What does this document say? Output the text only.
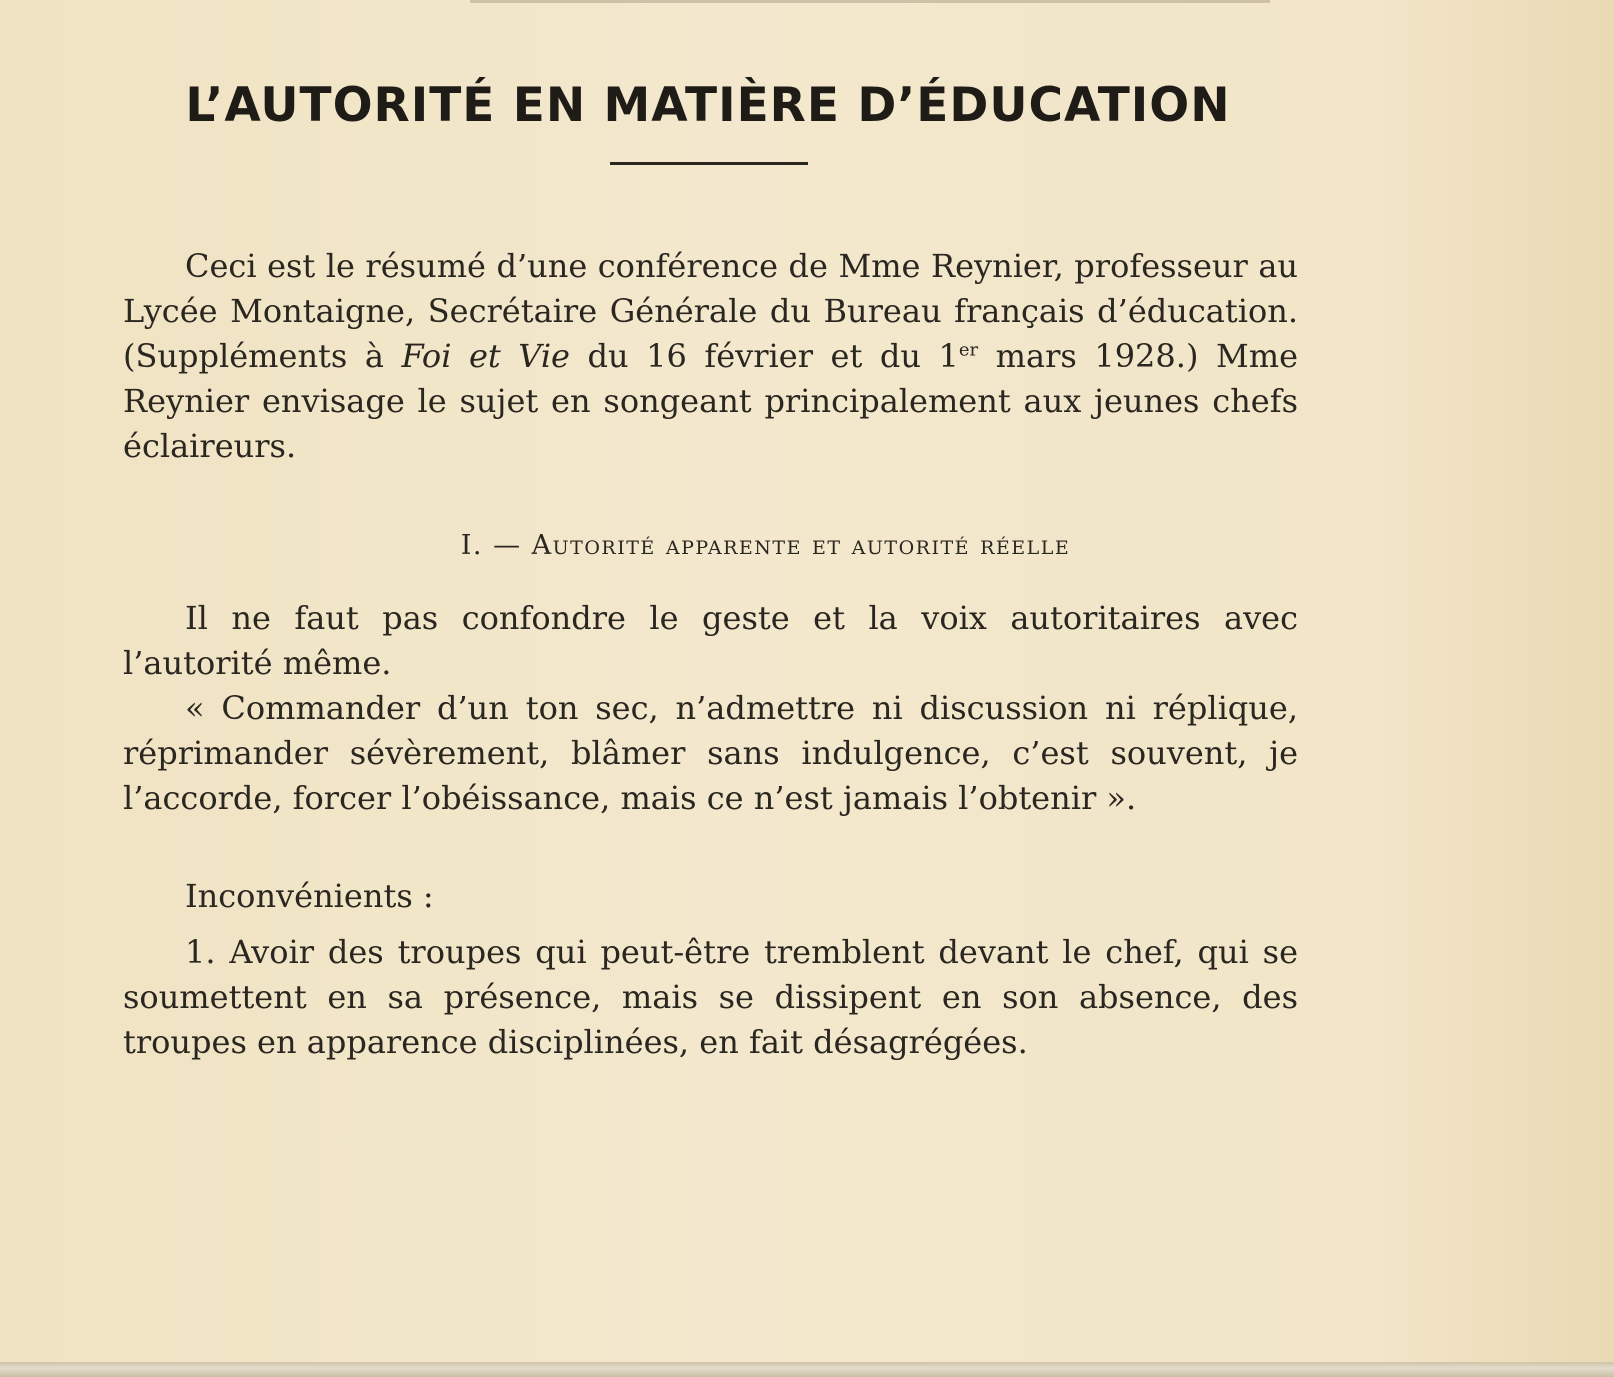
L’AUTORITÉ EN MATIÈRE D’ÉDUCATION

Ceci est le résumé d’une conférence de Mme Reynier, professeur au Lycée Montaigne, Secrétaire Générale du Bureau français d’éducation. (Suppléments à Foi et Vie du 16 février et du 1er mars 1928.) Mme Reynier envisage le sujet en songeant principalement aux jeunes chefs éclaireurs.

I. — Autorité apparente et autorité réelle

Il ne faut pas confondre le geste et la voix autoritaires avec l’autorité même.

« Commander d’un ton sec, n’admettre ni discussion ni réplique, réprimander sévèrement, blâmer sans indulgence, c’est souvent, je l’accorde, forcer l’obéissance, mais ce n’est jamais l’obtenir ».

Inconvénients :

1. Avoir des troupes qui peut-être tremblent devant le chef, qui se soumettent en sa présence, mais se dissipent en son absence, des troupes en apparence disciplinées, en fait désagrégées.
